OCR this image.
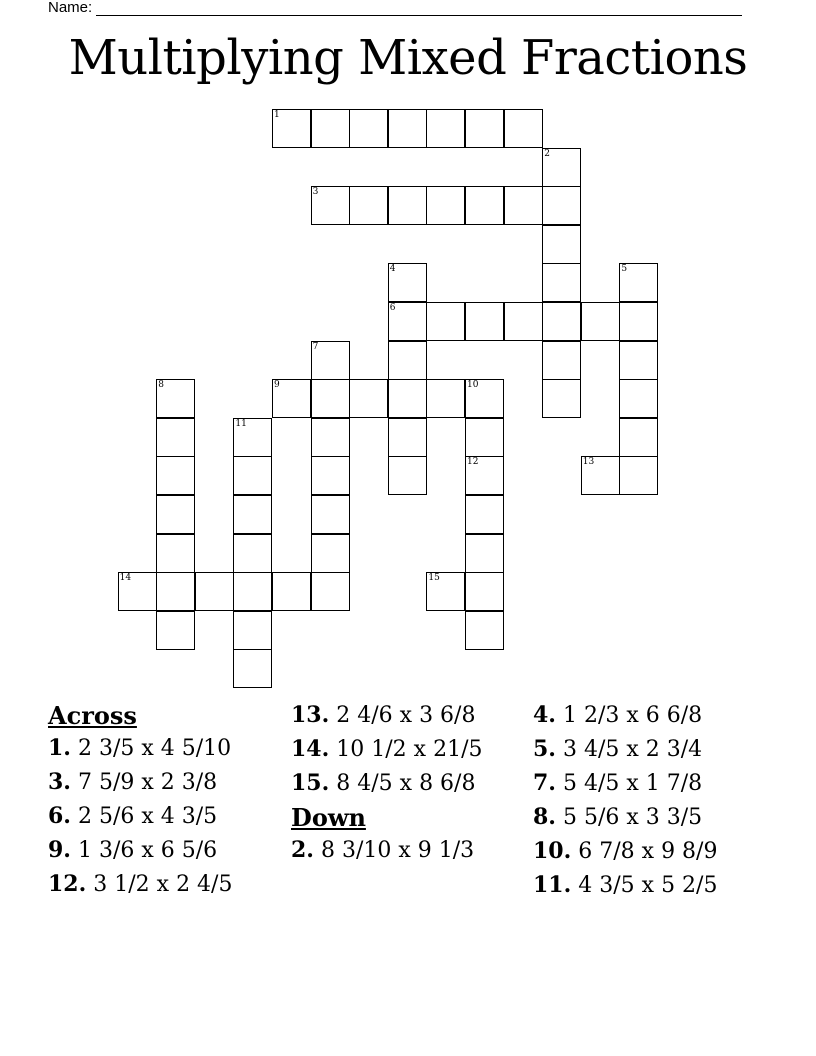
Name:
Multiplying Mixed Fractions
1
2
3
4	5
6
7
8	9	10
11
12	13
14	15
Across
1. 2 3/5 x 4 5/10
3. 7 5/9 x 2 3/8
6. 2 5/6 x 4 3/5
9. 1 3/6 x 6 5/6
12. 3 1/2 x 2 4/5
13. 2 4/6 x 3 6/8
14. 10 1/2 x 21/5
15. 8 4/5 x 8 6/8
Down
2. 8 3/10 x 9 1/3
4. 1 2/3 x 6 6/8
5. 3 4/5 x 2 3/4
7. 5 4/5 x 1 7/8
8. 5 5/6 x 3 3/5
10. 6 7/8 x 9 8/9
11. 4 3/5 x 5 2/5
